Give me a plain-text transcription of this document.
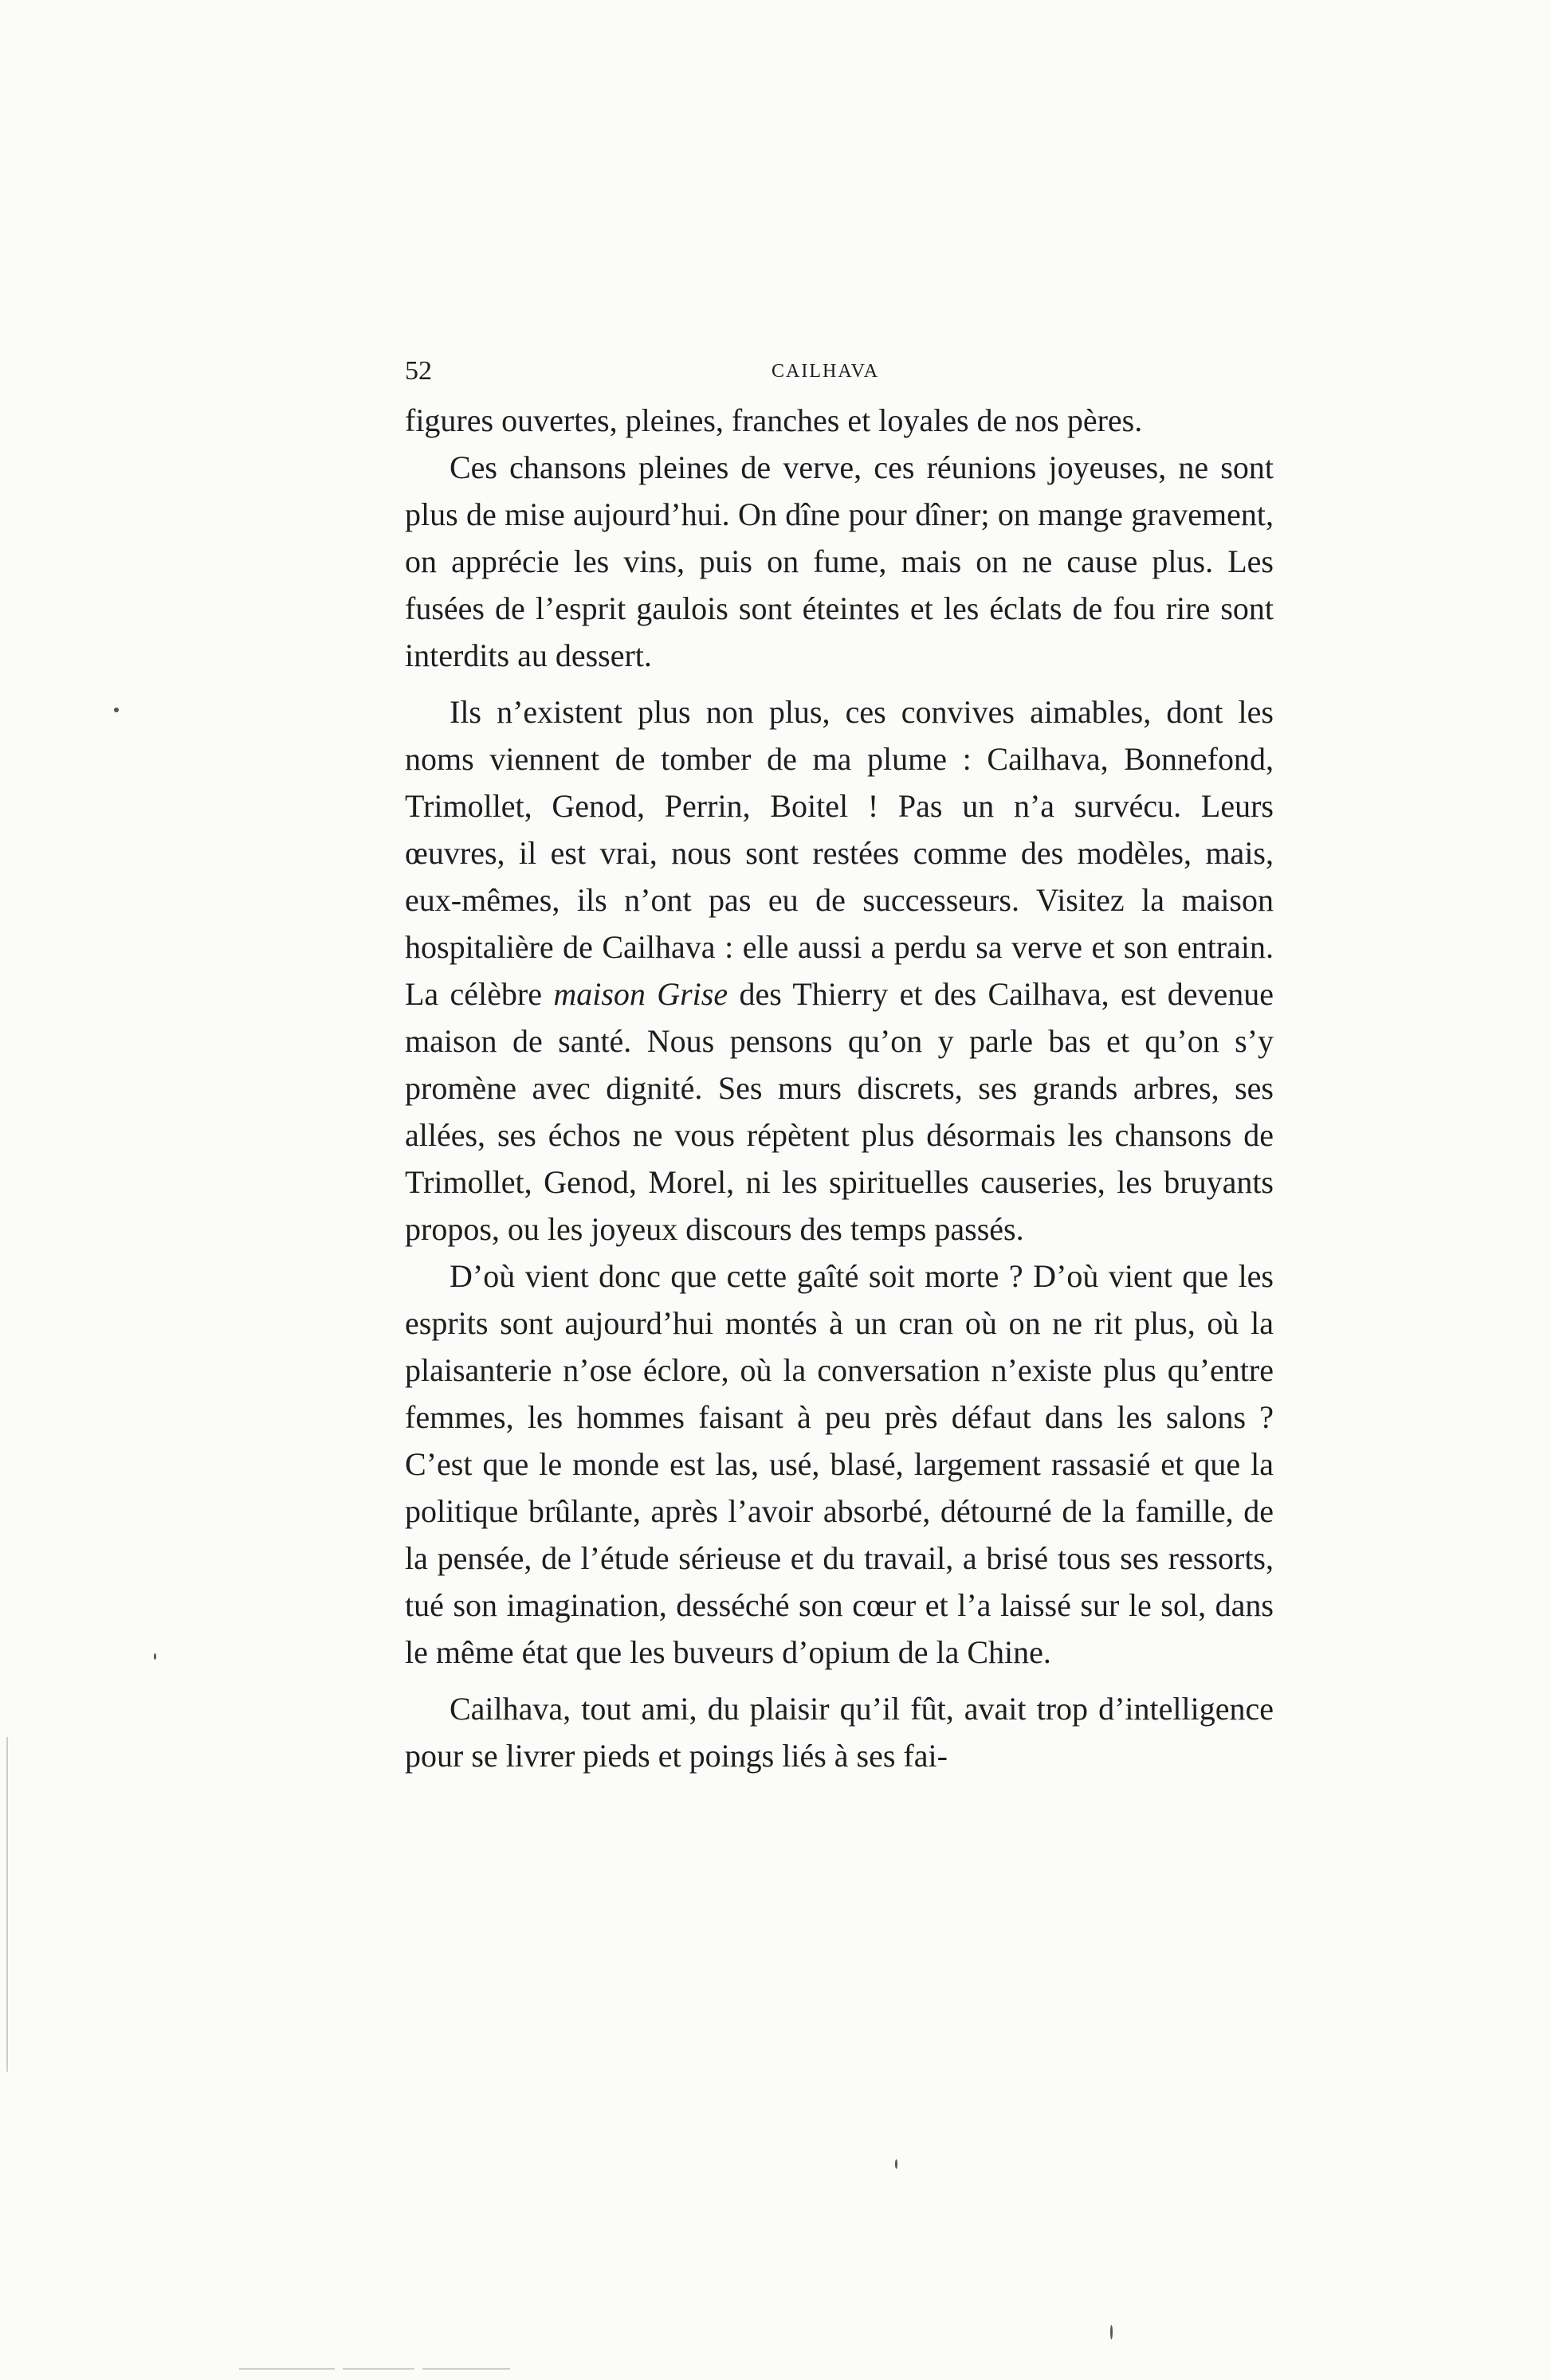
52	CAILHAVA

figures ouvertes, pleines, franches et loyales de nos pères.

Ces chansons pleines de verve, ces réunions joyeuses, ne sont plus de mise aujourd’hui. On dîne pour dîner; on mange gravement, on apprécie les vins, puis on fume, mais on ne cause plus. Les fusées de l’esprit gaulois sont éteintes et les éclats de fou rire sont interdits au dessert.

Ils n’existent plus non plus, ces convives aimables, dont les noms viennent de tomber de ma plume : Cailhava, Bonnefond, Trimollet, Genod, Perrin, Boitel ! Pas un n’a survécu. Leurs œuvres, il est vrai, nous sont restées comme des modèles, mais, eux-mêmes, ils n’ont pas eu de successeurs. Visitez la maison hospitalière de Cailhava : elle aussi a perdu sa verve et son entrain. La célèbre maison Grise des Thierry et des Cailhava, est devenue maison de santé. Nous pensons qu’on y parle bas et qu’on s’y promène avec dignité. Ses murs discrets, ses grands arbres, ses allées, ses échos ne vous répètent plus désormais les chansons de Trimollet, Genod, Morel, ni les spirituelles causeries, les bruyants propos, ou les joyeux discours des temps passés.

D’où vient donc que cette gaîté soit morte ? D’où vient que les esprits sont aujourd’hui montés à un cran où on ne rit plus, où la plaisanterie n’ose éclore, où la conversation n’existe plus qu’entre femmes, les hommes faisant à peu près défaut dans les salons ? C’est que le monde est las, usé, blasé, largement rassasié et que la politique brûlante, après l’avoir absorbé, détourné de la famille, de la pensée, de l’étude sérieuse et du travail, a brisé tous ses ressorts, tué son imagination, desséché son cœur et l’a laissé sur le sol, dans le même état que les buveurs d’opium de la Chine.

Cailhava, tout ami, du plaisir qu’il fût, avait trop d’intelligence pour se livrer pieds et poings liés à ses fai-
